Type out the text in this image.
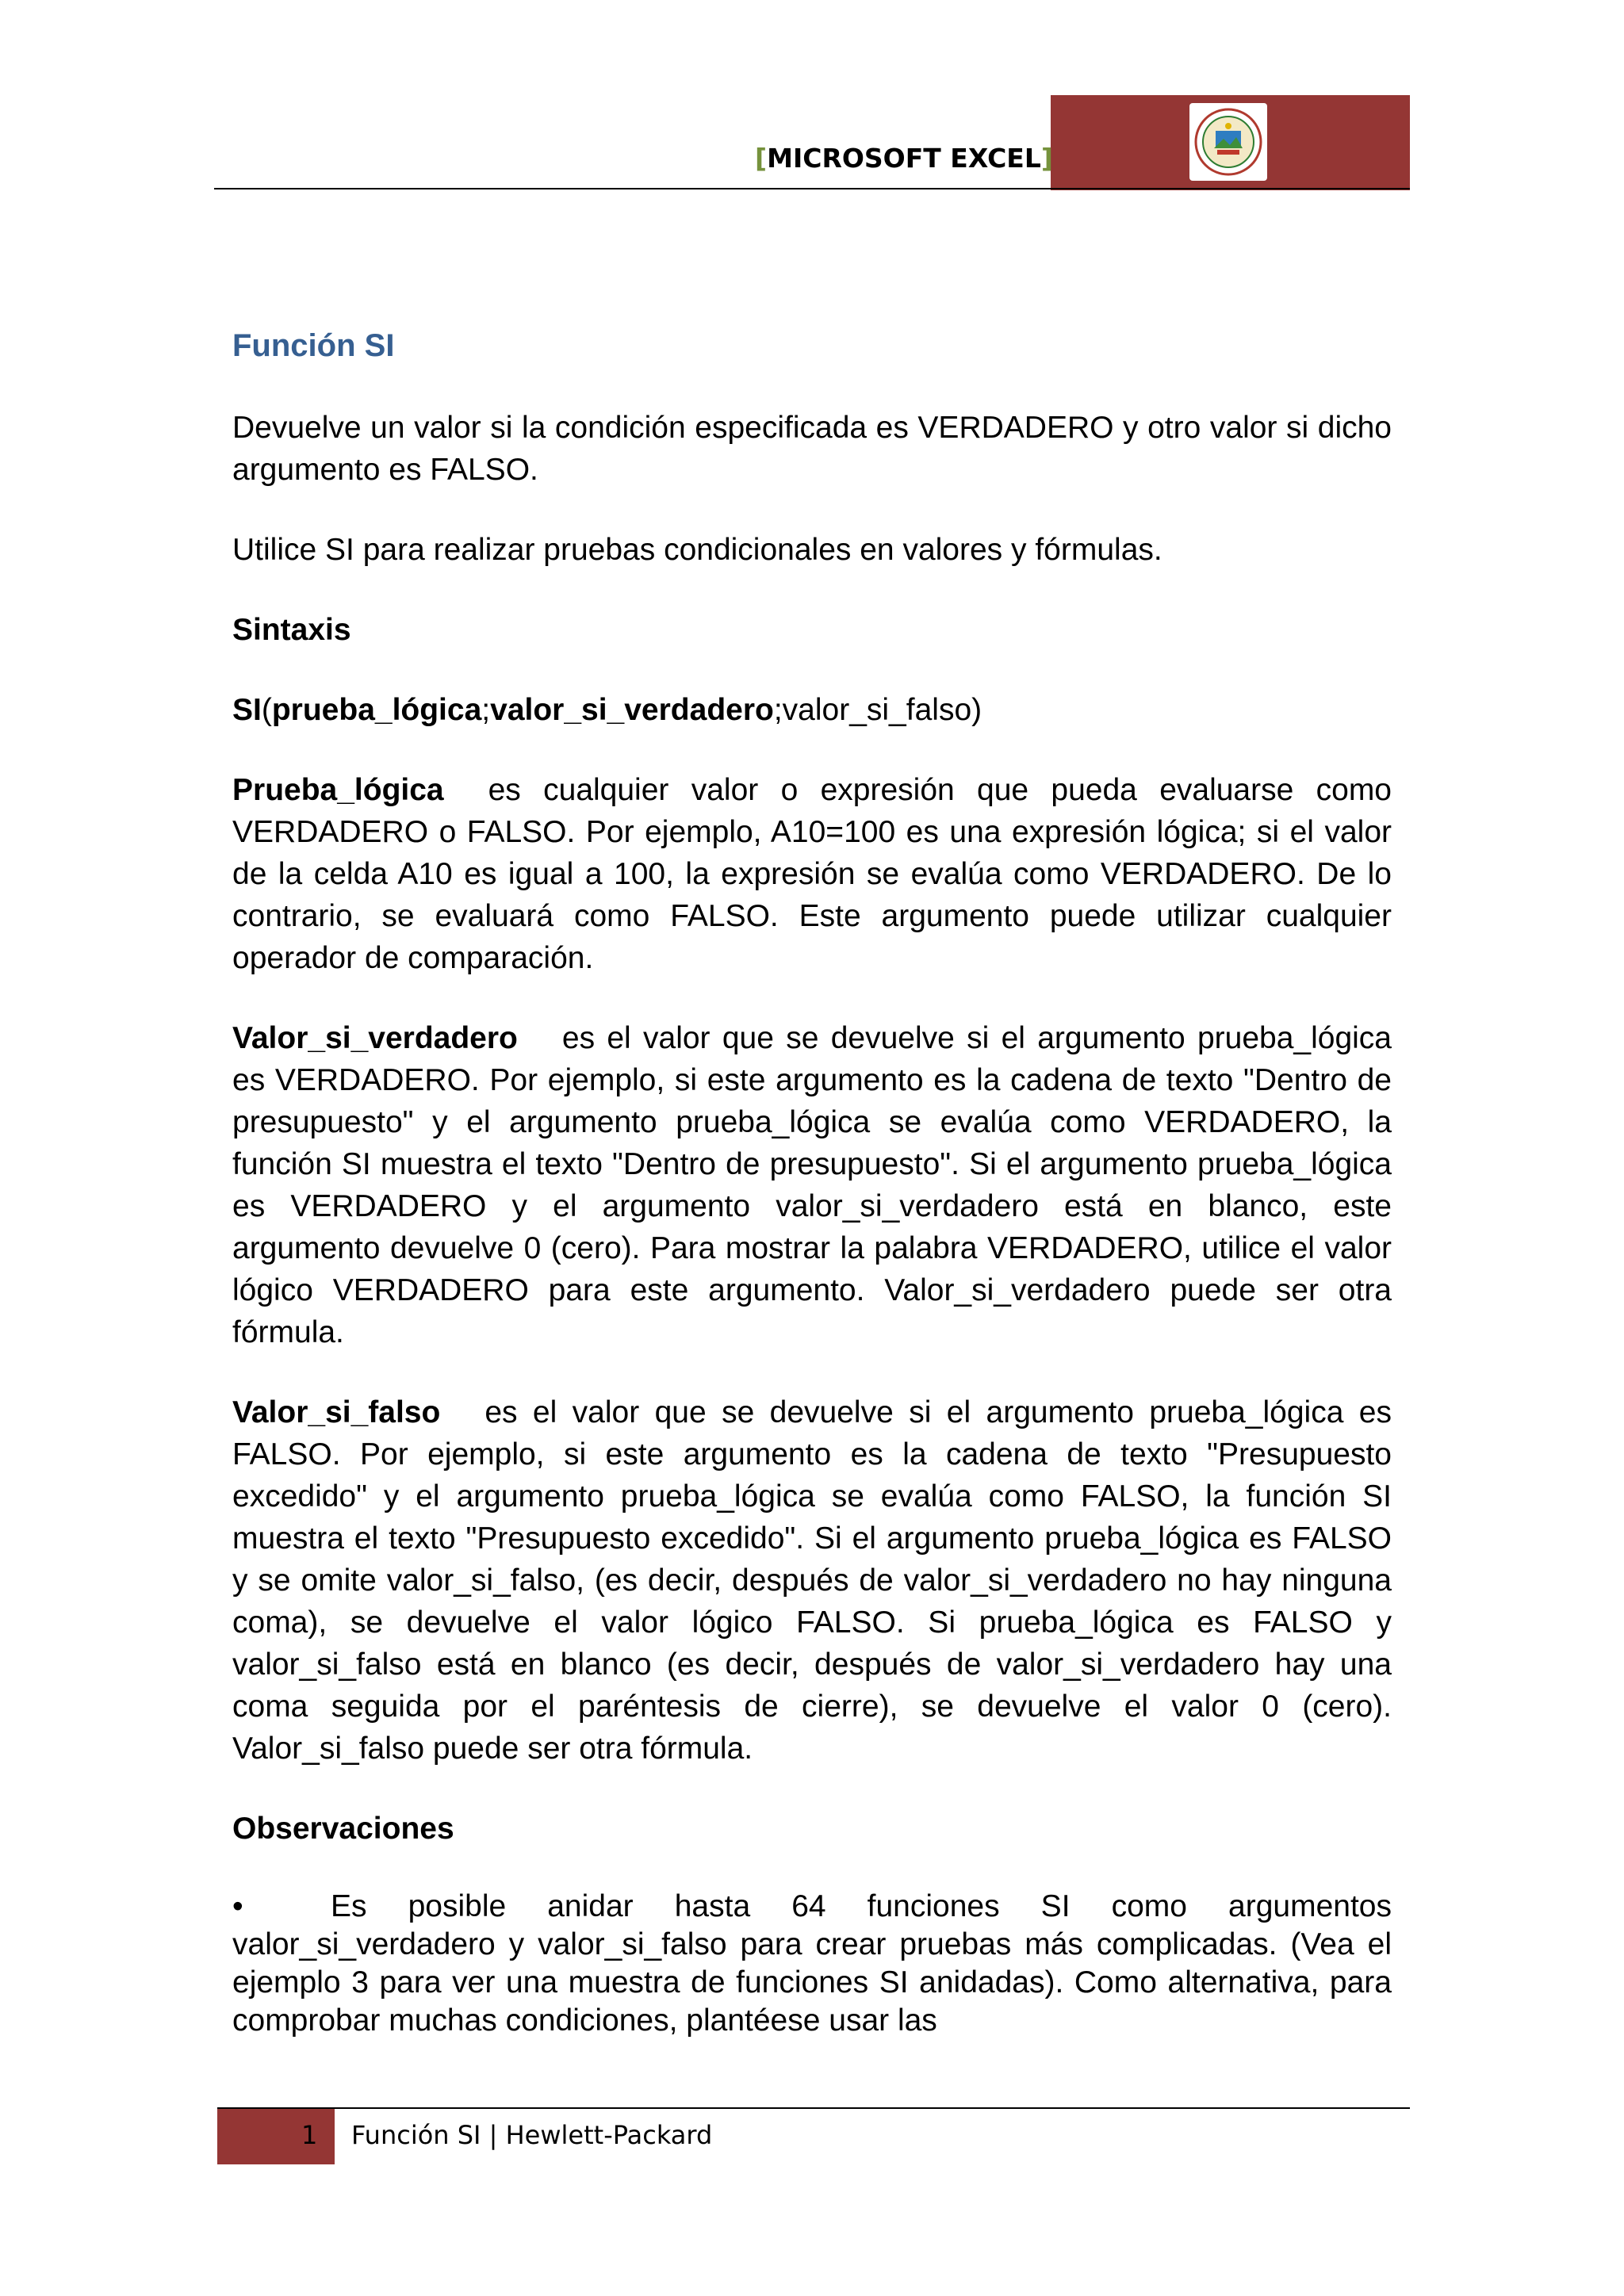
[MICROSOFT EXCEL]
Función SI

Devuelve un valor si la condición especificada es VERDADERO y otro valor si dicho argumento es FALSO.

Utilice SI para realizar pruebas condicionales en valores y fórmulas.

Sintaxis

SI(prueba_lógica;valor_si_verdadero;valor_si_falso)

Prueba_lógica es cualquier valor o expresión que pueda evaluarse como VERDADERO o FALSO. Por ejemplo, A10=100 es una expresión lógica; si el valor de la celda A10 es igual a 100, la expresión se evalúa como VERDADERO. De lo contrario, se evaluará como FALSO. Este argumento puede utilizar cualquier operador de comparación.

Valor_si_verdadero es el valor que se devuelve si el argumento prueba_lógica es VERDADERO. Por ejemplo, si este argumento es la cadena de texto "Dentro de presupuesto" y el argumento prueba_lógica se evalúa como VERDADERO, la función SI muestra el texto "Dentro de presupuesto". Si el argumento prueba_lógica es VERDADERO y el argumento valor_si_verdadero está en blanco, este argumento devuelve 0 (cero). Para mostrar la palabra VERDADERO, utilice el valor lógico VERDADERO para este argumento. Valor_si_verdadero puede ser otra fórmula.

Valor_si_falso es el valor que se devuelve si el argumento prueba_lógica es FALSO. Por ejemplo, si este argumento es la cadena de texto "Presupuesto excedido" y el argumento prueba_lógica se evalúa como FALSO, la función SI muestra el texto "Presupuesto excedido". Si el argumento prueba_lógica es FALSO y se omite valor_si_falso, (es decir, después de valor_si_verdadero no hay ninguna coma), se devuelve el valor lógico FALSO. Si prueba_lógica es FALSO y valor_si_falso está en blanco (es decir, después de valor_si_verdadero hay una coma seguida por el paréntesis de cierre), se devuelve el valor 0 (cero). Valor_si_falso puede ser otra fórmula.

Observaciones

•	Es posible anidar hasta 64 funciones SI como argumentos valor_si_verdadero y valor_si_falso para crear pruebas más complicadas. (Vea el ejemplo 3 para ver una muestra de funciones SI anidadas). Como alternativa, para comprobar muchas condiciones, plantéese usar las

1 Función SI | Hewlett-Packard
